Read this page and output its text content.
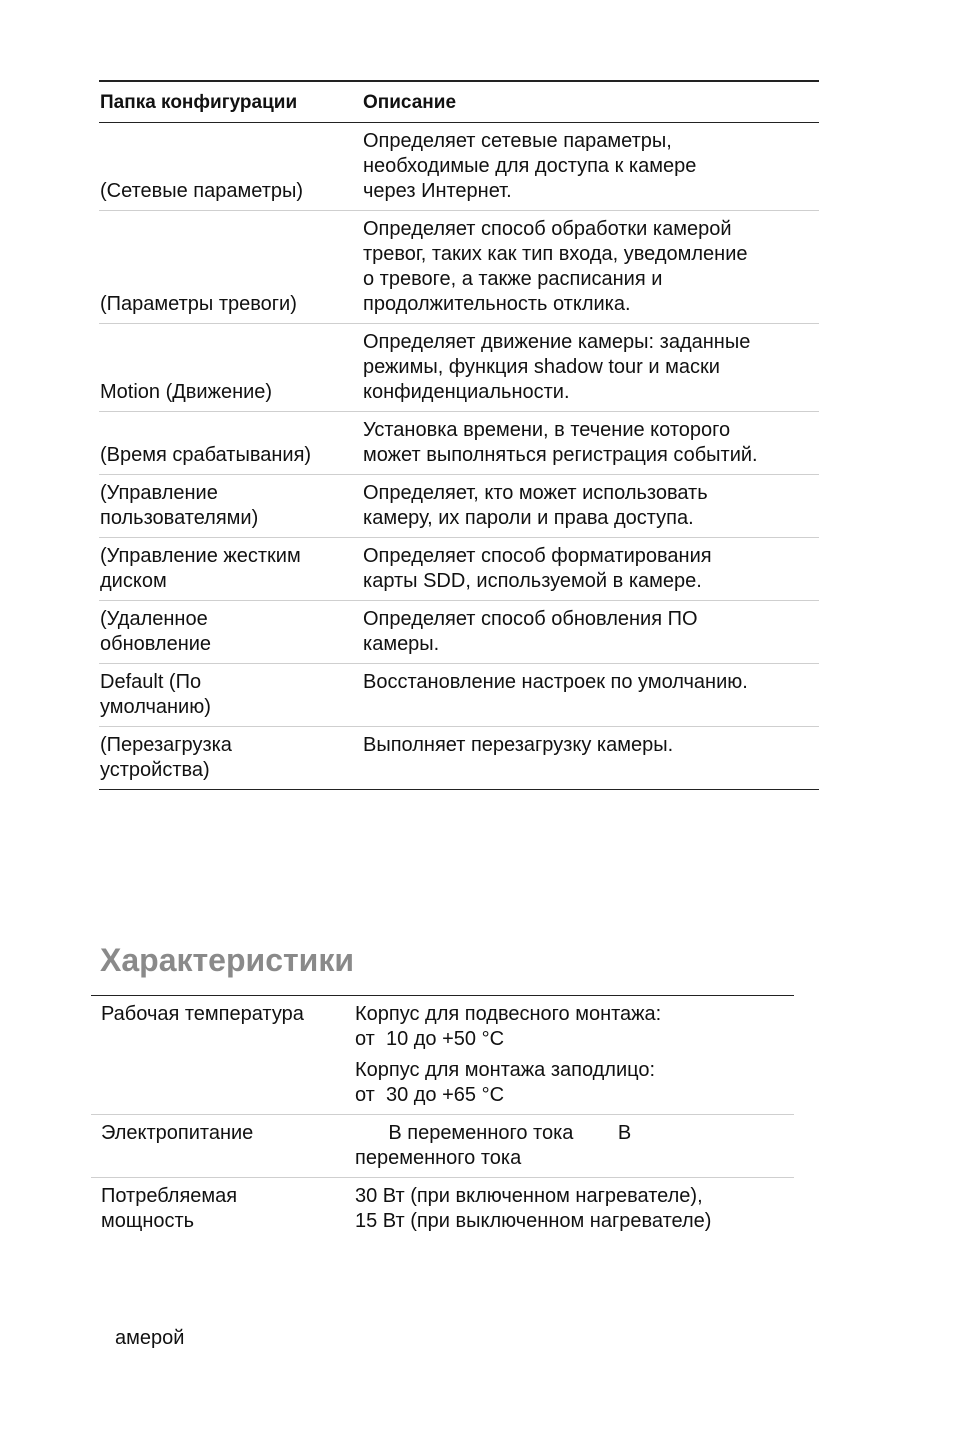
Папка конфигурации	Описание

(Сетевые параметры)	Определяет сетевые параметры,
необходимые для доступа к камере
через Интернет.

(Параметры тревоги)	Определяет способ обработки камерой
тревог, таких как тип входа, уведомление
о тревоге, а также расписания и
продолжительность отклика.

Motion (Движение)	Определяет движение камеры: заданные
режимы, функция shadow tour и маски
конфиденциальности.

(Время срабатывания)	Установка времени, в течение которого
может выполняться регистрация событий.

(Управление
пользователями)	Определяет, кто может использовать
камеру, их пароли и права доступа.

(Управление жестким
диском	Определяет способ форматирования
карты SDD, используемой в камере.

(Удаленное
обновление	Определяет способ обновления ПО
камеры.

Default (По
умолчанию)	Восстановление настроек по умолчанию.

(Перезагрузка
устройства)	Выполняет перезагрузку камеры.
Характеристики
Рабочая температура	Корпус для подвесного монтажа:
от  10 до +50 °C
Корпус для монтажа заподлицо:
от  30 до +65 °C

Электропитание	В переменного тока        В
переменного тока

Потребляемая
мощность	30 Вт (при включенном нагревателе),
15 Вт (при выключенном нагревателе)
амерой
